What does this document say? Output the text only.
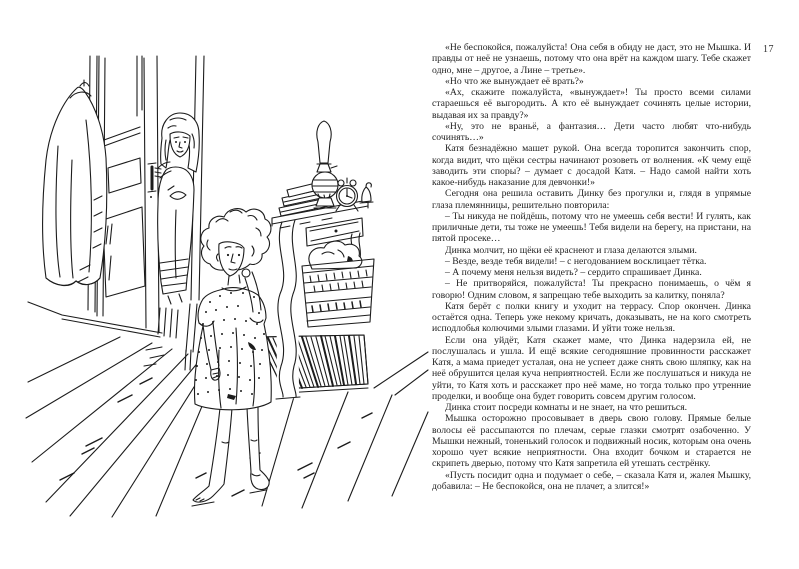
17

«Не беспокойся, пожалуйста! Она себя в обиду не даст, это не Мышка. И правды от неё не узнаешь, потому что она врёт на каждом шагу. Тебе скажет одно, мне – другое, а Лине – третье».

«Но что же вынуждает её врать?»

«Ах, скажите пожалуйста, «вынуждает»! Ты просто всеми силами стараешься её выгородить. А кто её вынуждает сочинять целые истории, выдавая их за правду?»

«Ну, это не враньё, а фантазия… Дети часто любят что-нибудь сочинять…»

Катя безнадёжно машет рукой. Она всегда торопится закончить спор, когда видит, что щёки сестры начинают розоветь от волнения. «К чему ещё заводить эти споры? – думает с досадой Катя. – Надо самой найти хоть какое-нибудь наказание для девчонки!»

Сегодня она решила оставить Динку без прогулки и, глядя в упрямые глаза племянницы, решительно повторила:

– Ты никуда не пойдёшь, потому что не умеешь себя вести! И гулять, как приличные дети, ты тоже не умеешь! Тебя видели на берегу, на пристани, на пятой просеке…

Динка молчит, но щёки её краснеют и глаза делаются злыми.

– Везде, везде тебя видели! – с негодованием восклицает тётка.

– А почему меня нельзя видеть? – сердито спрашивает Динка.

– Не притворяйся, пожалуйста! Ты прекрасно понимаешь, о чём я говорю! Одним словом, я запрещаю тебе выходить за калитку, поняла?

Катя берёт с полки книгу и уходит на террасу. Спор окончен. Динка остаётся одна. Теперь уже некому кричать, доказывать, не на кого смотреть исподлобья колючими злыми глазами. И уйти тоже нельзя.

Если она уйдёт, Катя скажет маме, что Динка надерзила ей, не послушалась и ушла. И ещё всякие сегодняшние провинности расскажет Катя, а мама приедет усталая, она не успеет даже снять свою шляпку, как на неё обрушится целая куча неприятностей. Если же послушаться и никуда не уйти, то Катя хоть и расскажет про неё маме, но тогда только про утренние проделки, и вообще она будет говорить совсем другим голосом.

Динка стоит посреди комнаты и не знает, на что решиться.

Мышка осторожно просовывает в дверь свою голову. Прямые белые волосы её рассыпаются по плечам, серые глазки смотрят озабоченно. У Мышки нежный, тоненький голосок и подвижный носик, которым она очень хорошо чует всякие неприятности. Она входит бочком и старается не скрипеть дверью, потому что Катя запретила ей утешать сестрёнку.

«Пусть посидит одна и подумает о себе, – сказала Катя и, жалея Мышку, добавила: – Не беспокойся, она не плачет, а злится!»
